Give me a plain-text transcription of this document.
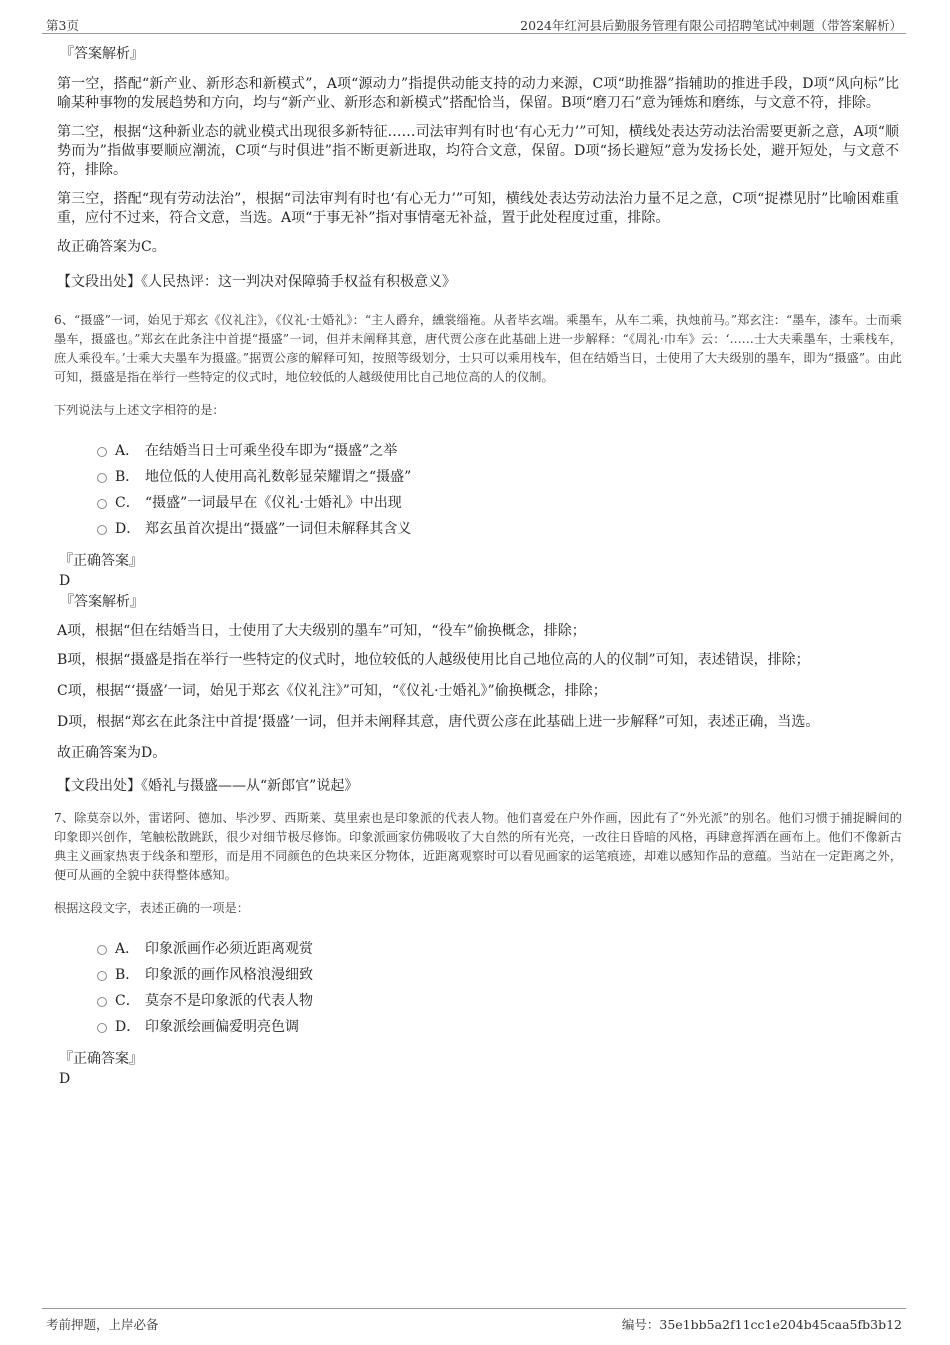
第3页	2024年红河县后勤服务管理有限公司招聘笔试冲刺题（带答案解析）
『答案解析』

第一空，搭配“新产业、新形态和新模式”，A项“源动力”指提供动能支持的动力来源，C项“助推器”指辅助的推进手段，D项“风向标”比喻某种事物的发展趋势和方向，均与“新产业、新形态和新模式”搭配恰当，保留。B项“磨刀石”意为锤炼和磨练，与文意不符，排除。

第二空，根据“这种新业态的就业模式出现很多新特征……司法审判有时也‘有心无力’”可知，横线处表达劳动法治需要更新之意，A项“顺势而为”指做事要顺应潮流，C项“与时俱进”指不断更新进取，均符合文意，保留。D项“扬长避短”意为发扬长处，避开短处，与文意不符，排除。

第三空，搭配“现有劳动法治”，根据“司法审判有时也‘有心无力’”可知，横线处表达劳动法治力量不足之意，C项“捉襟见肘”比喻困难重重，应付不过来，符合文意，当选。A项“于事无补”指对事情毫无补益，置于此处程度过重，排除。

故正确答案为C。

【文段出处】《人民热评：这一判决对保障骑手权益有积极意义》

6、“摄盛”一词，始见于郑玄《仪礼注》，《仪礼·士婚礼》：“主人爵弁，纁裳缁袘。从者毕玄端。乘墨车，从车二乘，执烛前马。”郑玄注：“墨车，漆车。士而乘墨车，摄盛也。”郑玄在此条注中首提“摄盛”一词，但并未阐释其意，唐代贾公彦在此基础上进一步解释：“《周礼·巾车》云：‘……士大夫乘墨车，士乘栈车，庶人乘役车。’士乘大夫墨车为摄盛。”据贾公彦的解释可知，按照等级划分，士只可以乘用栈车，但在结婚当日，士使用了大夫级别的墨车，即为“摄盛”。由此可知，摄盛是指在举行一些特定的仪式时，地位较低的人越级使用比自己地位高的人的仪制。

下列说法与上述文字相符的是：

A． 在结婚当日士可乘坐役车即为“摄盛”之举
B． 地位低的人使用高礼数彰显荣耀谓之“摄盛”
C． “摄盛”一词最早在《仪礼·士婚礼》中出现
D． 郑玄虽首次提出“摄盛”一词但未解释其含义
『正确答案』
D
『答案解析』

A项，根据“但在结婚当日，士使用了大夫级别的墨车”可知，“役车”偷换概念，排除；

B项，根据“摄盛是指在举行一些特定的仪式时，地位较低的人越级使用比自己地位高的人的仪制”可知，表述错误，排除；

C项，根据“‘摄盛’一词，始见于郑玄《仪礼注》”可知，“《仪礼·士婚礼》”偷换概念，排除；

D项，根据“郑玄在此条注中首提‘摄盛’一词，但并未阐释其意，唐代贾公彦在此基础上进一步解释”可知，表述正确，当选。

故正确答案为D。

【文段出处】《婚礼与摄盛——从“新郎官”说起》

7、除莫奈以外，雷诺阿、德加、毕沙罗、西斯莱、莫里索也是印象派的代表人物。他们喜爱在户外作画，因此有了“外光派”的别名。他们习惯于捕捉瞬间的印象即兴创作，笔触松散跳跃，很少对细节极尽修饰。印象派画家仿佛吸收了大自然的所有光亮，一改往日昏暗的风格，再肆意挥洒在画布上。他们不像新古典主义画家热衷于线条和塑形，而是用不同颜色的色块来区分物体，近距离观察时可以看见画家的运笔痕迹，却难以感知作品的意蕴。当站在一定距离之外，便可从画的全貌中获得整体感知。

根据这段文字，表述正确的一项是：

A． 印象派画作必须近距离观赏
B． 印象派的画作风格浪漫细致
C． 莫奈不是印象派的代表人物
D． 印象派绘画偏爱明亮色调
『正确答案』
D
考前押题，上岸必备	编号：35e1bb5a2f11cc1e204b45caa5fb3b12
